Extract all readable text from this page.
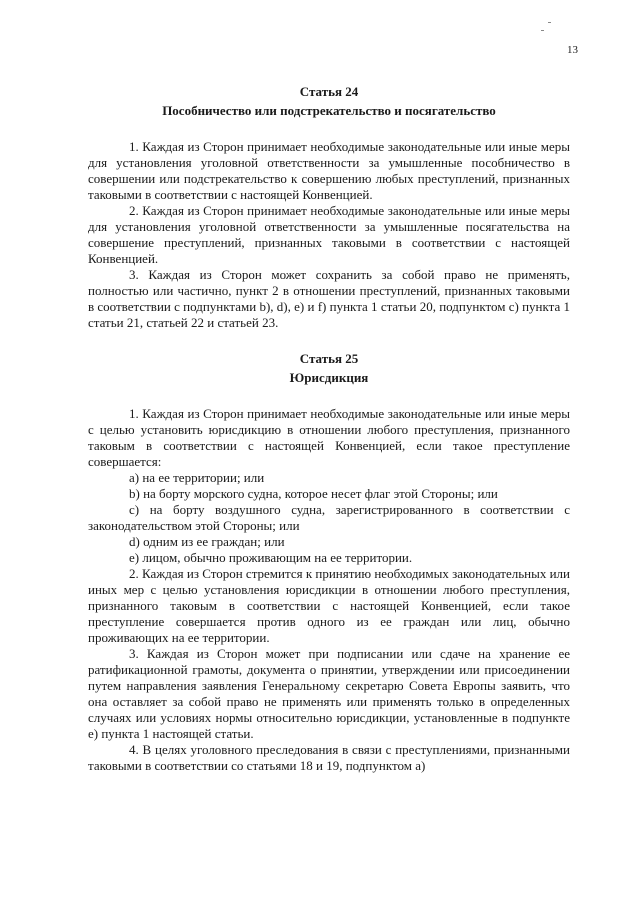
13
Статья 24
Пособничество или подстрекательство и посягательство

1. Каждая из Сторон принимает необходимые законодательные или иные меры для установления уголовной ответственности за умышленные пособничество в совершении или подстрекательство к совершению любых преступлений, признанных таковыми в соответствии с настоящей Конвенцией.

2. Каждая из Сторон принимает необходимые законодательные или иные меры для установления уголовной ответственности за умышленные посягательства на совершение преступлений, признанных таковыми в соответствии с настоящей Конвенцией.

3. Каждая из Сторон может сохранить за собой право не применять, полностью или частично, пункт 2 в отношении преступлений, признанных таковыми в соответствии с подпунктами b), d), e) и f) пункта 1 статьи 20, подпунктом с) пункта 1 статьи 21, статьей 22 и статьей 23.

Статья 25
Юрисдикция

1. Каждая из Сторон принимает необходимые законодательные или иные меры с целью установить юрисдикцию в отношении любого преступления, признанного таковым в соответствии с настоящей Конвенцией, если такое преступление совершается:

a) на ее территории; или

b) на борту морского судна, которое несет флаг этой Стороны; или

c) на борту воздушного судна, зарегистрированного в соответствии с законодательством этой Стороны; или

d) одним из ее граждан; или

e) лицом, обычно проживающим на ее территории.

2. Каждая из Сторон стремится к принятию необходимых законодательных или иных мер с целью установления юрисдикции в отношении любого преступления, признанного таковым в соответствии с настоящей Конвенцией, если такое преступление совершается против одного из ее граждан или лиц, обычно проживающих на ее территории.

3. Каждая из Сторон может при подписании или сдаче на хранение ее ратификационной грамоты, документа о принятии, утверждении или присоединении путем направления заявления Генеральному секретарю Совета Европы заявить, что она оставляет за собой право не применять или применять только в определенных случаях или условиях нормы относительно юрисдикции, установленные в подпункте e) пункта 1 настоящей статьи.

4. В целях уголовного преследования в связи с преступлениями, признанными таковыми в соответствии со статьями 18 и 19, подпунктом а)
